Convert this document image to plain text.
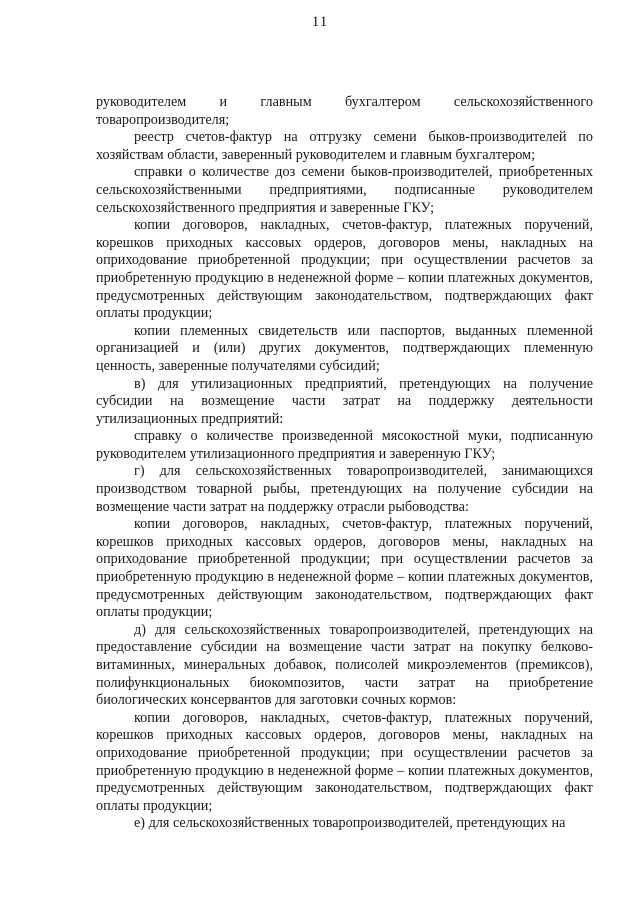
11

руководителем и главным бухгалтером сельскохозяйственного товаропроизводителя;

реестр счетов-фактур на отгрузку семени быков-производителей по хозяйствам области, заверенный руководителем и главным бухгалтером;

справки о количестве доз семени быков-производителей, приобретенных сельскохозяйственными предприятиями, подписанные руководителем сельскохозяйственного предприятия и заверенные ГКУ;

копии договоров, накладных, счетов-фактур, платежных поручений, корешков приходных кассовых ордеров, договоров мены, накладных на оприходование приобретенной продукции; при осуществлении расчетов за приобретенную продукцию в неденежной форме – копии платежных документов, предусмотренных действующим законодательством, подтверждающих факт оплаты продукции;

копии племенных свидетельств или паспортов, выданных племенной организацией и (или) других документов, подтверждающих племенную ценность, заверенные получателями субсидий;

в) для утилизационных предприятий, претендующих на получение субсидии на возмещение части затрат на поддержку деятельности утилизационных предприятий:

справку о количестве произведенной мясокостной муки, подписанную руководителем утилизационного предприятия и заверенную ГКУ;

г) для сельскохозяйственных товаропроизводителей, занимающихся производством товарной рыбы, претендующих на получение субсидии на возмещение части затрат на поддержку отрасли рыбоводства:

копии договоров, накладных, счетов-фактур, платежных поручений, корешков приходных кассовых ордеров, договоров мены, накладных на оприходование приобретенной продукции; при осуществлении расчетов за приобретенную продукцию в неденежной форме – копии платежных документов, предусмотренных действующим законодательством, подтверждающих факт оплаты продукции;

д) для сельскохозяйственных товаропроизводителей, претендующих на предоставление субсидии на возмещение части затрат на покупку белково-витаминных, минеральных добавок, полисолей микроэлементов (премиксов), полифункциональных биокомпозитов, части затрат на приобретение биологических консервантов для заготовки сочных кормов:

копии договоров, накладных, счетов-фактур, платежных поручений, корешков приходных кассовых ордеров, договоров мены, накладных на оприходование приобретенной продукции; при осуществлении расчетов за приобретенную продукцию в неденежной форме – копии платежных документов, предусмотренных действующим законодательством, подтверждающих факт оплаты продукции;

е) для сельскохозяйственных товаропроизводителей, претендующих на
